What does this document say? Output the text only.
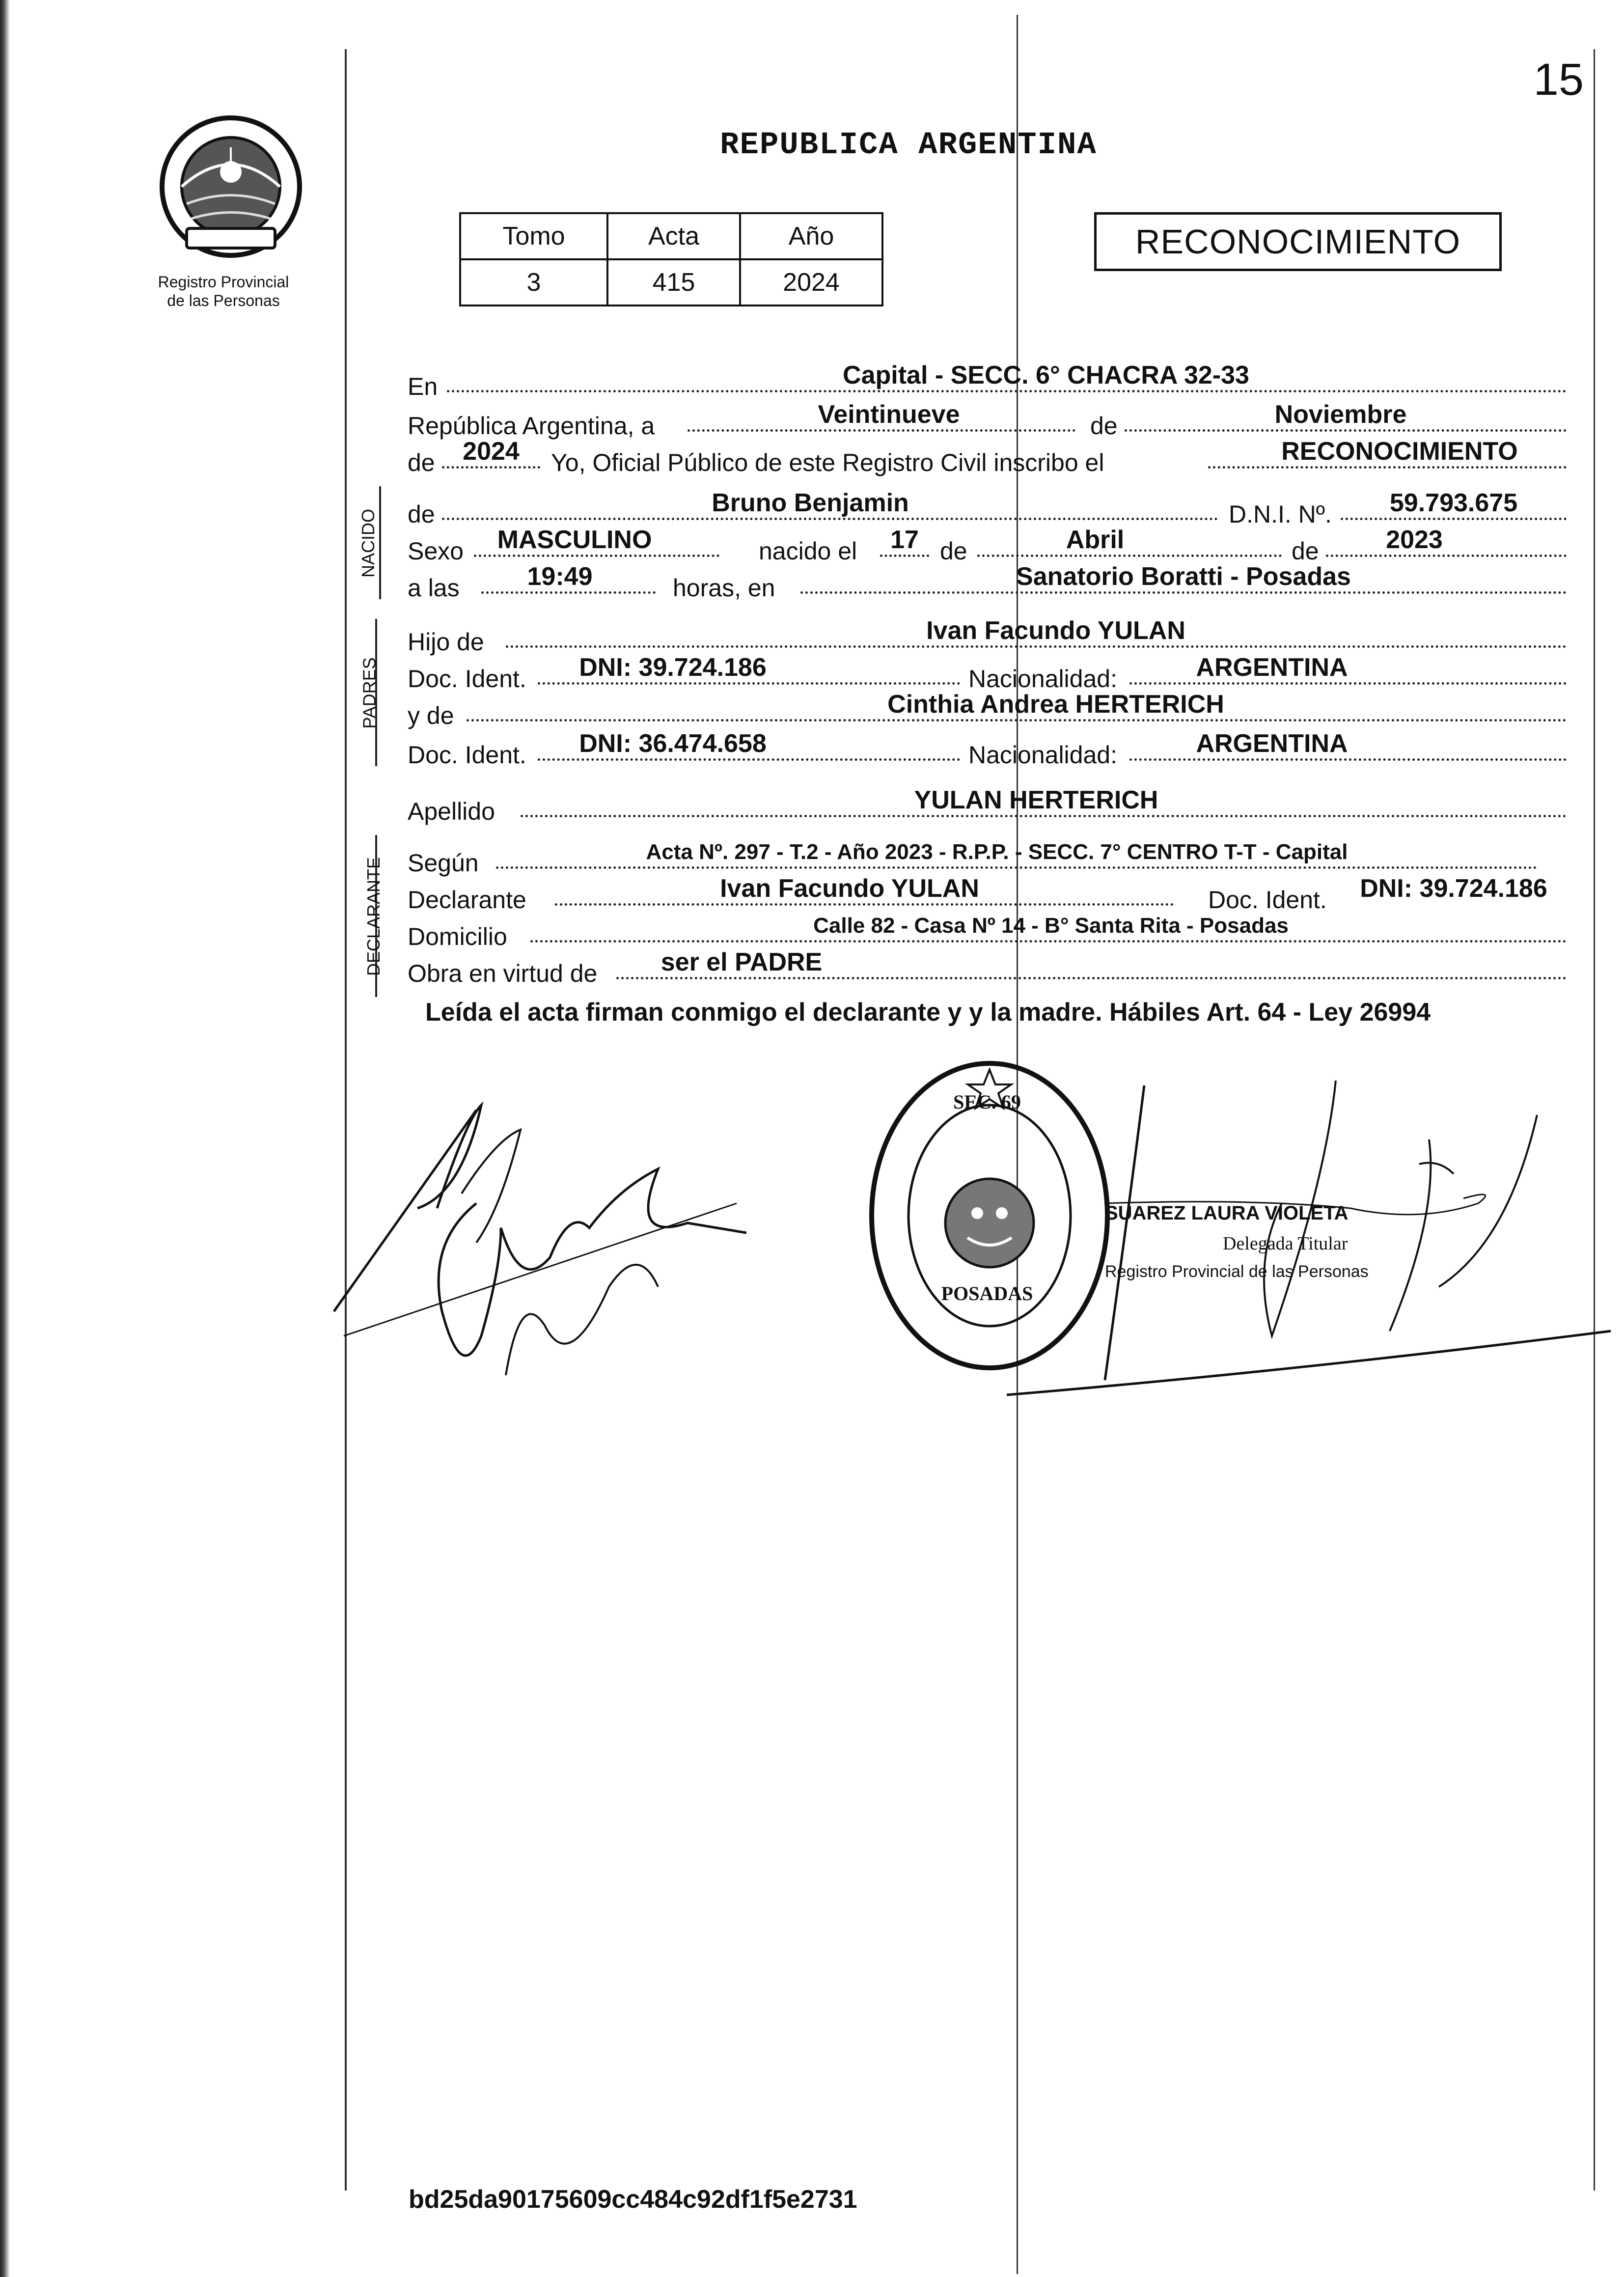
15
Registro Provincial
de las Personas
REPUBLICA ARGENTINA
Tomo	Acta	Año
3	415	2024
RECONOCIMIENTO
En	Capital - SECC. 6° CHACRA 32-33
República Argentina, a	Veintinueve	de	Noviembre
de	2024	Yo, Oficial Público de este Registro Civil inscribo el	RECONOCIMIENTO
NACIDO de	Bruno Benjamin	D.N.I. Nº.	59.793.675
Sexo	MASCULINO	nacido el	17 de	Abril	de	2023
a las	19:49	horas, en	Sanatorio Boratti - Posadas
PADRES
Hijo de	Ivan Facundo YULAN
Doc. Ident.	DNI: 39.724.186	Nacionalidad:	ARGENTINA
y de	Cinthia Andrea HERTERICH
Doc. Ident.	DNI: 36.474.658	Nacionalidad:	ARGENTINA
Apellido	YULAN HERTERICH
DECLARANTE Según	Acta Nº. 297 - T.2 - Año 2023 - R.P.P. - SECC. 7° CENTRO T-T - Capital
Declarante	Ivan Facundo YULAN	Doc. Ident.	DNI: 39.724.186
Domicilio	Calle 82 - Casa Nº 14 - B° Santa Rita - Posadas
Obra en virtud de	ser el PADRE
Leída el acta firman conmigo el declarante y y la madre. Hábiles Art. 64 - Ley 26994
SEC. 69
POSADAS
SUAREZ LAURA VIOLETA
Delegada Titular
Registro Provincial de las Personas
bd25da90175609cc484c92df1f5e2731
